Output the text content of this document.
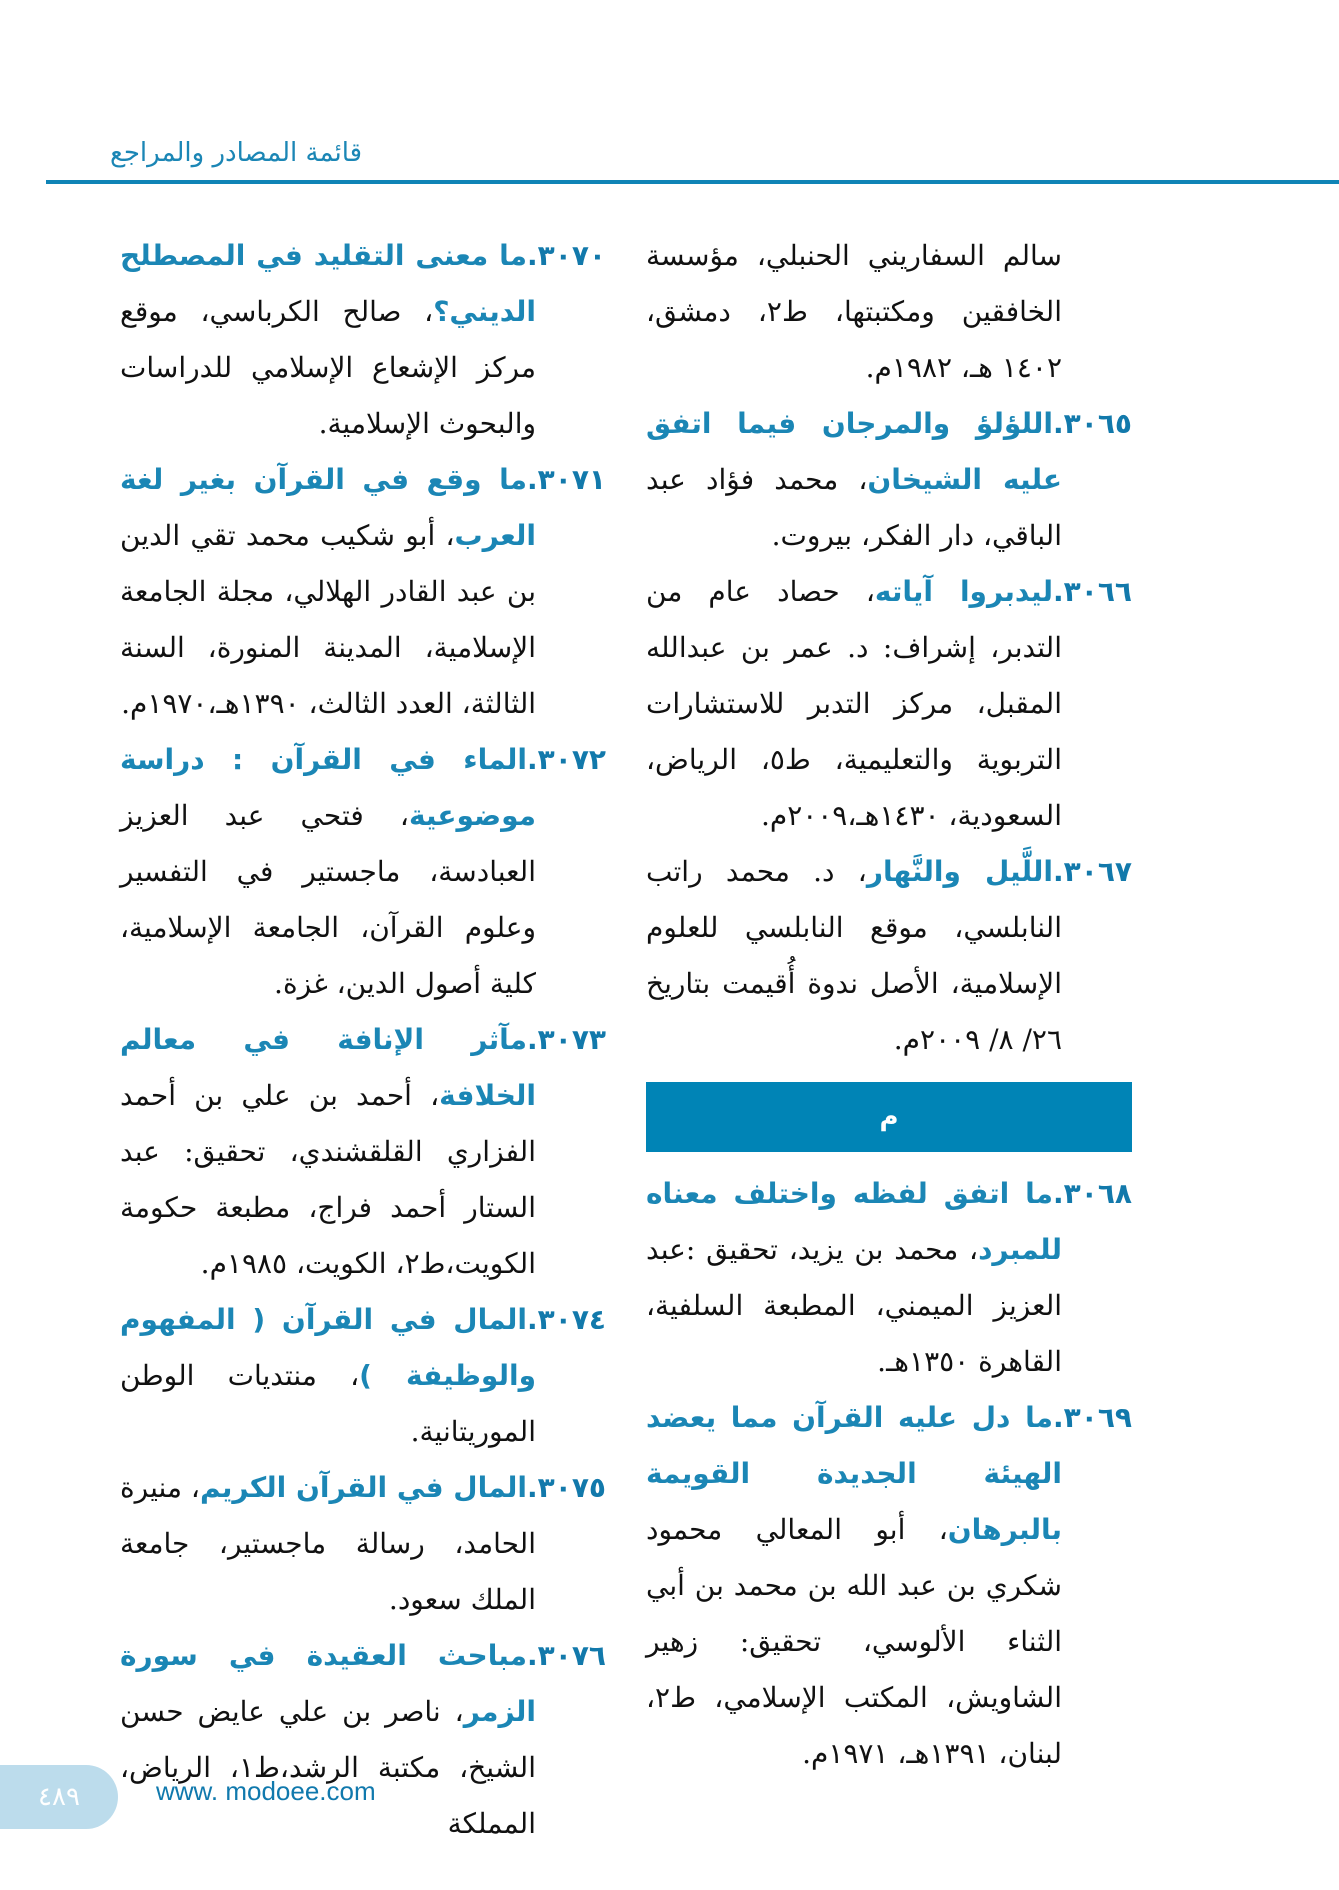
قائمة المصادر والمراجع

سالم السفاريني الحنبلي، مؤسسة الخافقين ومكتبتها، ط٢، دمشق، ١٤٠٢ هـ، ١٩٨٢م.

٣٠٦٥.اللؤلؤ والمرجان فيما اتفق عليه الشيخان، محمد فؤاد عبد الباقي، دار الفكر، بيروت.

٣٠٦٦.ليدبروا آياته، حصاد عام من التدبر، إشراف: د. عمر بن عبدالله المقبل، مركز التدبر للاستشارات التربوية والتعليمية، ط٥، الرياض، السعودية، ١٤٣٠هـ،٢٠٠٩م.

٣٠٦٧.اللَّيل والنَّهار، د. محمد راتب النابلسي، موقع النابلسي للعلوم الإسلامية، الأصل ندوة أُقيمت بتاريخ ٢٦/ ٨/ ٢٠٠٩م.

م

٣٠٦٨.ما اتفق لفظه واختلف معناه للمبرد، محمد بن يزيد، تحقيق :عبد العزيز الميمني، المطبعة السلفية، القاهرة ١٣٥٠هـ.

٣٠٦٩.ما دل عليه القرآن مما يعضد الهيئة الجديدة القويمة بالبرهان، أبو المعالي محمود شكري بن عبد الله بن محمد بن أبي الثناء الألوسي، تحقيق: زهير الشاويش، المكتب الإسلامي، ط٢، لبنان، ١٣٩١هـ، ١٩٧١م.

٣٠٧٠.ما معنى التقليد في المصطلح الديني؟، صالح الكرباسي، موقع مركز الإشعاع الإسلامي للدراسات والبحوث الإسلامية.

٣٠٧١.ما وقع في القرآن بغير لغة العرب، أبو شكيب محمد تقي الدين بن عبد القادر الهلالي، مجلة الجامعة الإسلامية، المدينة المنورة، السنة الثالثة، العدد الثالث، ١٣٩٠هـ،١٩٧٠م.

٣٠٧٢.الماء في القرآن : دراسة موضوعية، فتحي عبد العزيز العبادسة، ماجستير في التفسير وعلوم القرآن، الجامعة الإسلامية، كلية أصول الدين، غزة.

٣٠٧٣.مآثر الإنافة في معالم الخلافة، أحمد بن علي بن أحمد الفزاري القلقشندي، تحقيق: عبد الستار أحمد فراج، مطبعة حكومة الكويت،ط٢، الكويت، ١٩٨٥م.

٣٠٧٤.المال في القرآن ( المفهوم والوظيفة )، منتديات الوطن الموريتانية.

٣٠٧٥.المال في القرآن الكريم، منيرة الحامد، رسالة ماجستير، جامعة الملك سعود.

٣٠٧٦.مباحث العقيدة في سورة الزمر، ناصر بن علي عايض حسن الشيخ، مكتبة الرشد،ط١، الرياض، المملكة

٤٨٩	www. modoee.com
